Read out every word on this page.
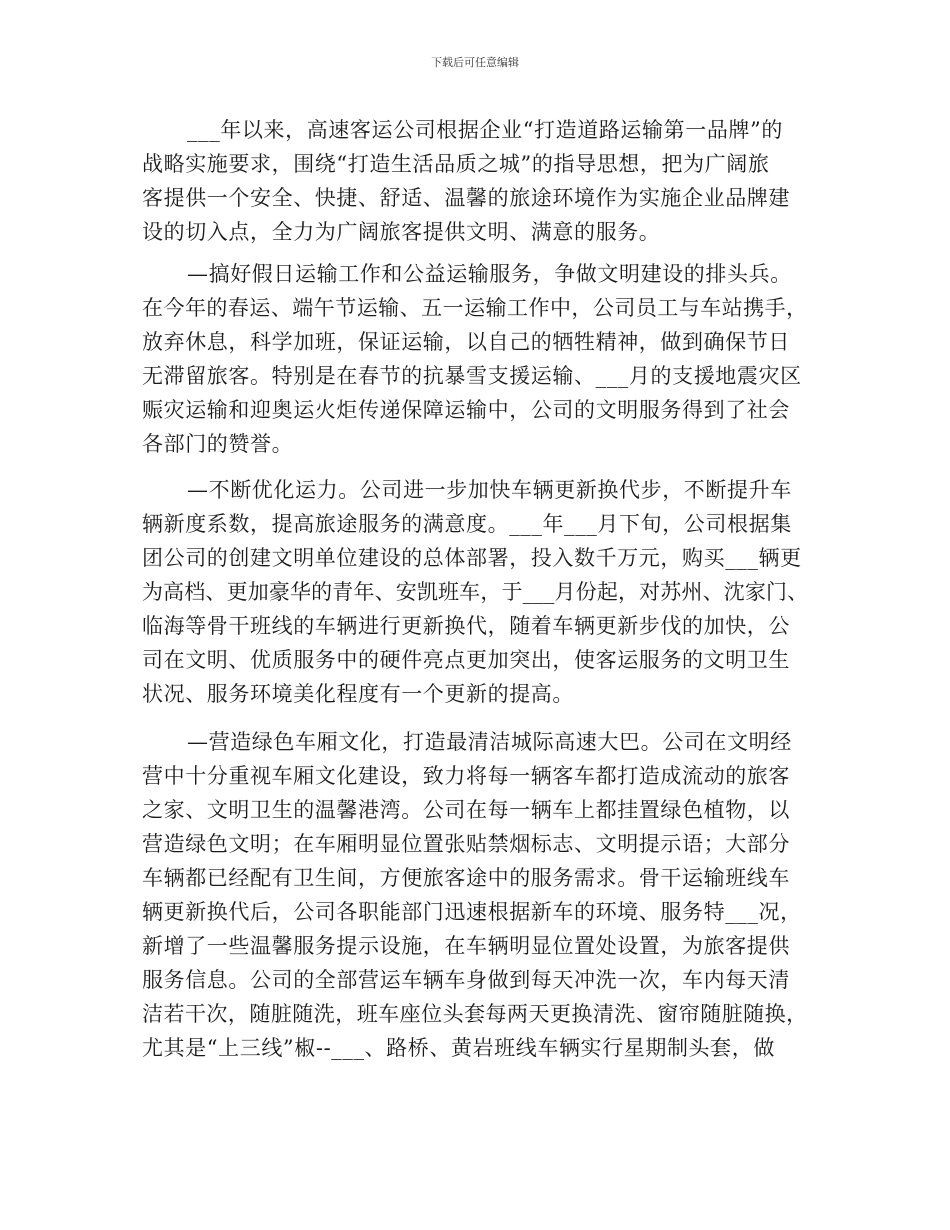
下载后可任意编辑
___年以来，高速客运公司根据企业“打造道路运输第一品牌”的
战略实施要求，围绕“打造生活品质之城”的指导思想，把为广阔旅
客提供一个安全、快捷、舒适、温馨的旅途环境作为实施企业品牌建
设的切入点，全力为广阔旅客提供文明、满意的服务。
—搞好假日运输工作和公益运输服务，争做文明建设的排头兵。
在今年的春运、端午节运输、五一运输工作中，公司员工与车站携手，
放弃休息，科学加班，保证运输，以自己的牺牲精神，做到确保节日
无滞留旅客。特别是在春节的抗暴雪支援运输、___月的支援地震灾区
赈灾运输和迎奥运火炬传递保障运输中，公司的文明服务得到了社会
各部门的赞誉。
—不断优化运力。公司进一步加快车辆更新换代步，不断提升车
辆新度系数，提高旅途服务的满意度。___年___月下旬，公司根据集
团公司的创建文明单位建设的总体部署，投入数千万元，购买___辆更
为高档、更加豪华的青年、安凯班车，于___月份起，对苏州、沈家门、
临海等骨干班线的车辆进行更新换代，随着车辆更新步伐的加快，公
司在文明、优质服务中的硬件亮点更加突出，使客运服务的文明卫生
状况、服务环境美化程度有一个更新的提高。
—营造绿色车厢文化，打造最清洁城际高速大巴。公司在文明经
营中十分重视车厢文化建设，致力将每一辆客车都打造成流动的旅客
之家、文明卫生的温馨港湾。公司在每一辆车上都挂置绿色植物，以
营造绿色文明；在车厢明显位置张贴禁烟标志、文明提示语；大部分
车辆都已经配有卫生间，方便旅客途中的服务需求。骨干运输班线车
辆更新换代后，公司各职能部门迅速根据新车的环境、服务特___况，
新增了一些温馨服务提示设施，在车辆明显位置处设置，为旅客提供
服务信息。公司的全部营运车辆车身做到每天冲洗一次，车内每天清
洁若干次，随脏随洗，班车座位头套每两天更换清洗、窗帘随脏随换，
尤其是“上三线”椒--___、路桥、黄岩班线车辆实行星期制头套，做
